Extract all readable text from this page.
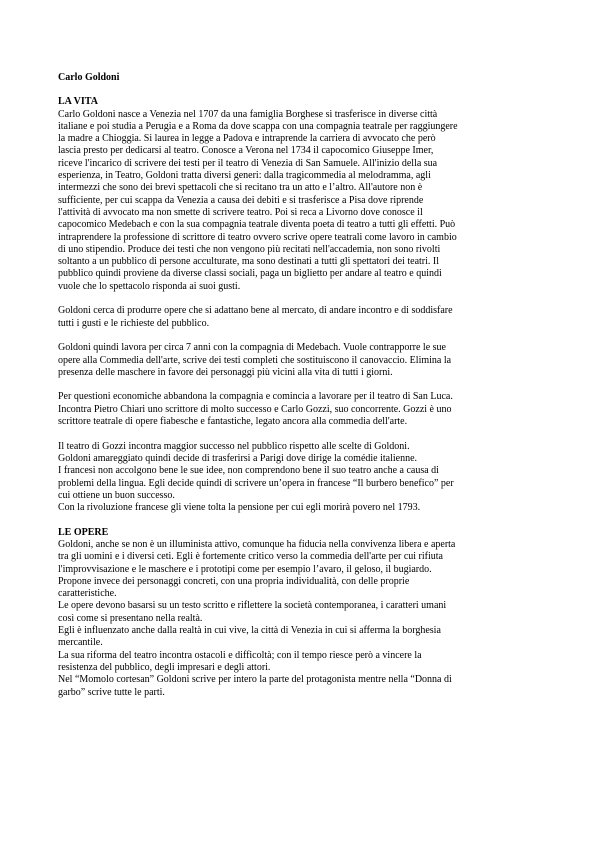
Carlo Goldoni
LA VITA
Carlo Goldoni nasce a Venezia nel 1707 da una famiglia Borghese si trasferisce in diverse città
italiane e poi studia a Perugia e a Roma da dove scappa con una compagnia teatrale per raggiungere
la madre a Chioggia. Si laurea in legge a Padova e intraprende la carriera di avvocato che però
lascia presto per dedicarsi al teatro. Conosce a Verona nel 1734 il capocomico Giuseppe Imer,
riceve l'incarico di scrivere dei testi per il teatro di Venezia di San Samuele. All'inizio della sua
esperienza, in Teatro, Goldoni tratta diversi generi: dalla tragicommedia al melodramma, agli
intermezzi che sono dei brevi spettacoli che si recitano tra un atto e l’altro. All'autore non è
sufficiente, per cui scappa da Venezia a causa dei debiti e si trasferisce a Pisa dove riprende
l'attività di avvocato ma non smette di scrivere teatro. Poi si reca a Livorno dove conosce il
capocomico Medebach e con la sua compagnia teatrale diventa poeta di teatro a tutti gli effetti. Può
intraprendere la professione di scrittore di teatro ovvero scrive opere teatrali come lavoro in cambio
di uno stipendio. Produce dei testi che non vengono più recitati nell'accademia, non sono rivolti
soltanto a un pubblico di persone acculturate, ma sono destinati a tutti gli spettatori dei teatri. Il
pubblico quindi proviene da diverse classi sociali, paga un biglietto per andare al teatro e quindi
vuole che lo spettacolo risponda ai suoi gusti.
Goldoni cerca di produrre opere che si adattano bene al mercato, di andare incontro e di soddisfare
tutti i gusti e le richieste del pubblico.
Goldoni quindi lavora per circa 7 anni con la compagnia di Medebach. Vuole contrapporre le sue
opere alla Commedia dell'arte, scrive dei testi completi che sostituiscono il canovaccio. Elimina la
presenza delle maschere in favore dei personaggi più vicini alla vita di tutti i giorni.
Per questioni economiche abbandona la compagnia e comincia a lavorare per il teatro di San Luca.
Incontra Pietro Chiari uno scrittore di molto successo e Carlo Gozzi, suo concorrente. Gozzi è uno
scrittore teatrale di opere fiabesche e fantastiche, legato ancora alla commedia dell'arte.
Il teatro di Gozzi incontra maggior successo nel pubblico rispetto alle scelte di Goldoni.
Goldoni amareggiato quindi decide di trasferirsi a Parigi dove dirige la comédie italienne.
I francesi non accolgono bene le sue idee, non comprendono bene il suo teatro anche a causa di
problemi della lingua. Egli decide quindi di scrivere un’opera in francese “Il burbero benefico” per
cui ottiene un buon successo.
Con la rivoluzione francese gli viene tolta la pensione per cui egli morirà povero nel 1793.
LE OPERE
Goldoni, anche se non è un illuminista attivo, comunque ha fiducia nella convivenza libera e aperta
tra gli uomini e i diversi ceti. Egli è fortemente critico verso la commedia dell'arte per cui rifiuta
l'improvvisazione e le maschere e i prototipi come per esempio l’avaro, il geloso, il bugiardo.
Propone invece dei personaggi concreti, con una propria individualità, con delle proprie
caratteristiche.
Le opere devono basarsi su un testo scritto e riflettere la società contemporanea, i caratteri umani
così come si presentano nella realtà.
Egli è influenzato anche dalla realtà in cui vive, la città di Venezia in cui si afferma la borghesia
mercantile.
La sua riforma del teatro incontra ostacoli e difficoltà; con il tempo riesce però a vincere la
resistenza del pubblico, degli impresari e degli attori.
Nel “Momolo cortesan” Goldoni scrive per intero la parte del protagonista mentre nella “Donna di
garbo” scrive tutte le parti.
